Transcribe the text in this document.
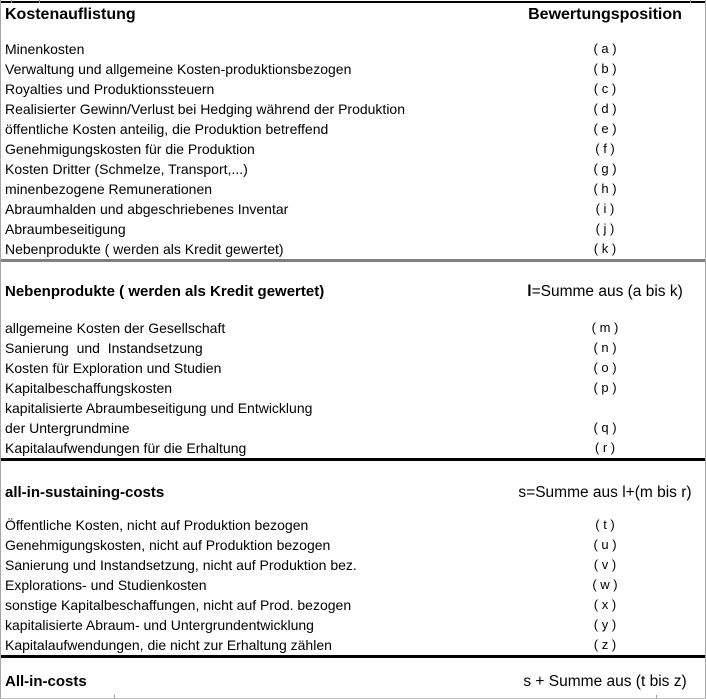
Kostenauflistung	Bewertungsposition
Minenkosten	( a )
Verwaltung und allgemeine Kosten-produktionsbezogen	( b )
Royalties und Produktionssteuern	( c )
Realisierter Gewinn/Verlust bei Hedging während der Produktion	( d )
öffentliche Kosten anteilig, die Produktion betreffend	( e )
Genehmigungskosten für die Produktion	( f )
Kosten Dritter (Schmelze, Transport,...)	( g )
minenbezogene Remunerationen	( h )
Abraumhalden und abgeschriebenes Inventar	( i )
Abraumbeseitigung	( j )
Nebenprodukte ( werden als Kredit gewertet)	( k )
Nebenprodukte ( werden als Kredit gewertet)	l=Summe aus (a bis k)
allgemeine Kosten der Gesellschaft	( m )
Sanierung  und  Instandsetzung	( n )
Kosten für Exploration und Studien	( o )
Kapitalbeschaffungskosten	( p )
kapitalisierte Abraumbeseitigung und Entwicklung
der Untergrundmine	( q )
Kapitalaufwendungen für die Erhaltung	( r )
all-in-sustaining-costs	s=Summe aus l+(m bis r)
Öffentliche Kosten, nicht auf Produktion bezogen	( t )
Genehmigungskosten, nicht auf Produktion bezogen	( u )
Sanierung und Instandsetzung, nicht auf Produktion bez.	( v )
Explorations- und Studienkosten	( w )
sonstige Kapitalbeschaffungen, nicht auf Prod. bezogen	( x )
kapitalisierte Abraum- und Untergrundentwicklung	( y )
Kapitalaufwendungen, die nicht zur Erhaltung zählen	( z )
All-in-costs	s + Summe aus (t bis z)
